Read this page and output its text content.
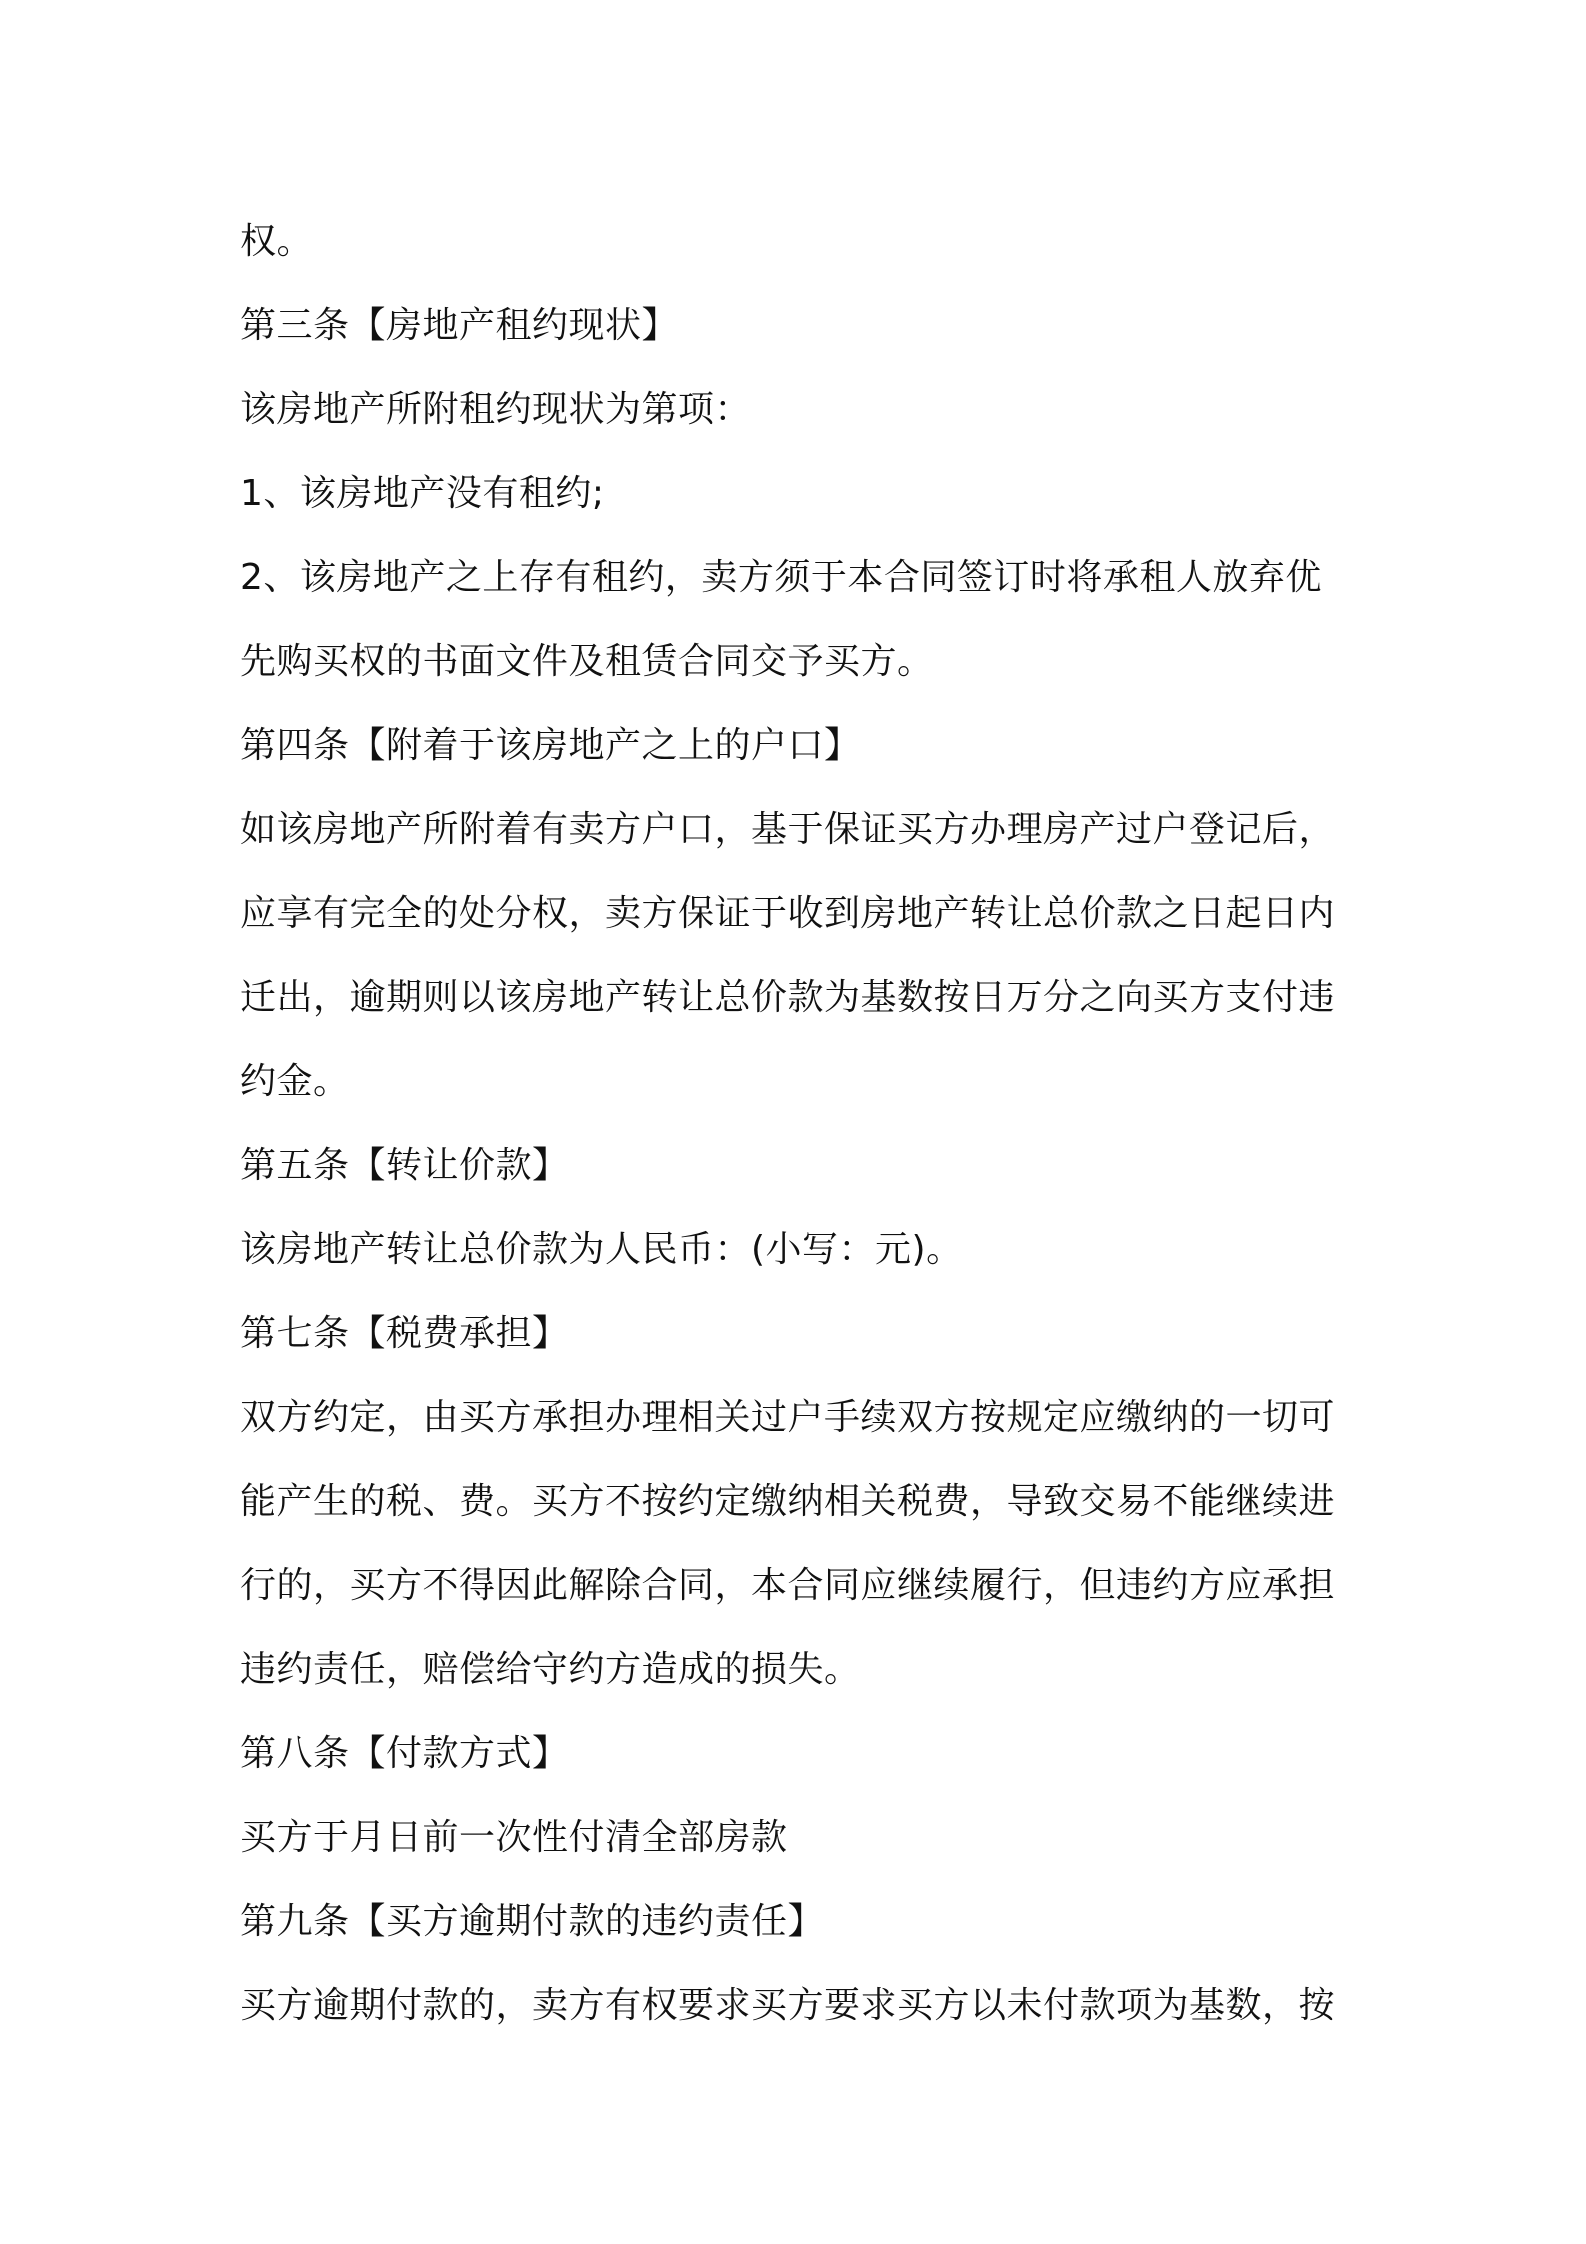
权。
第三条【房地产租约现状】
该房地产所附租约现状为第项：
1、该房地产没有租约;
2、该房地产之上存有租约，卖方须于本合同签订时将承租人放弃优
先购买权的书面文件及租赁合同交予买方。
第四条【附着于该房地产之上的户口】
如该房地产所附着有卖方户口，基于保证买方办理房产过户登记后，
应享有完全的处分权，卖方保证于收到房地产转让总价款之日起日内
迁出，逾期则以该房地产转让总价款为基数按日万分之向买方支付违
约金。
第五条【转让价款】
该房地产转让总价款为人民币：(小写：元)。
第七条【税费承担】
双方约定，由买方承担办理相关过户手续双方按规定应缴纳的一切可
能产生的税、费。买方不按约定缴纳相关税费，导致交易不能继续进
行的，买方不得因此解除合同，本合同应继续履行，但违约方应承担
违约责任，赔偿给守约方造成的损失。
第八条【付款方式】
买方于月日前一次性付清全部房款
第九条【买方逾期付款的违约责任】
买方逾期付款的，卖方有权要求买方要求买方以未付款项为基数，按
